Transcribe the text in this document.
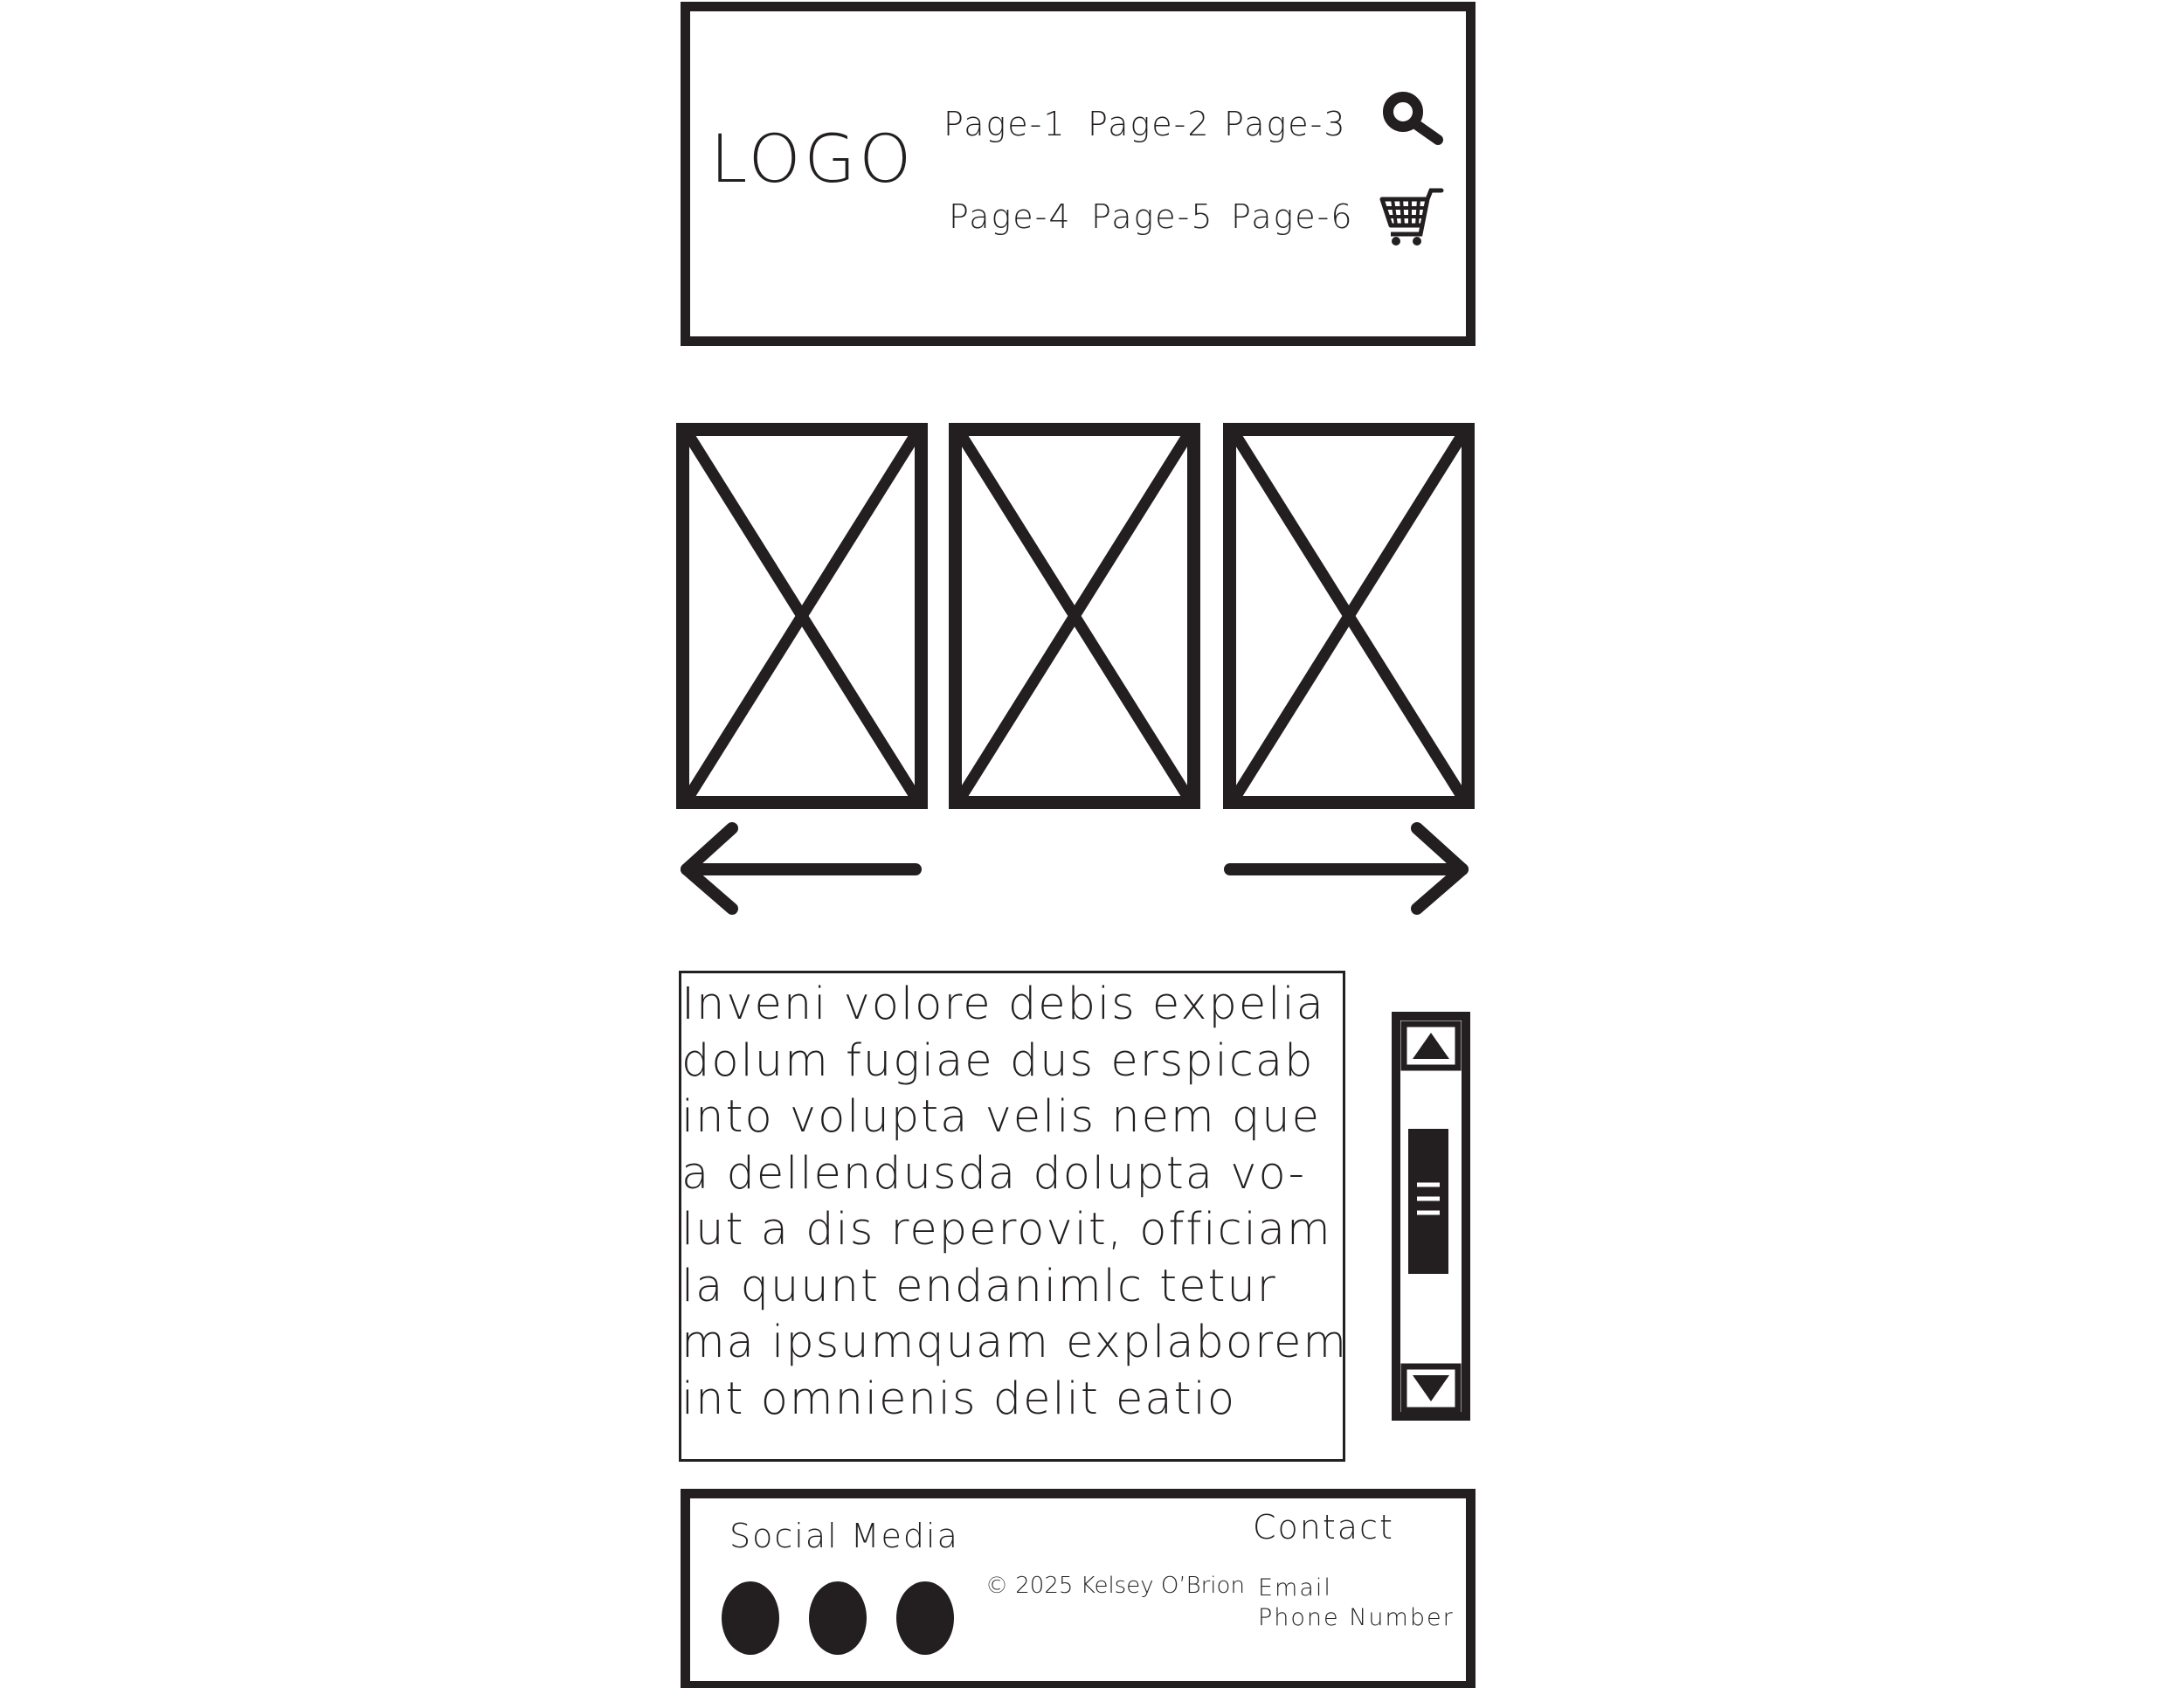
LOGO Page-1 Page-2 Page-3
Page-4 Page-5 Page-6
Inveni volore debis expelia
dolum fugiae dus erspicab
into volupta velis nem que
a dellendusda dolupta vo-
lut a dis reperovit, officiam
la quunt endanimlc tetur
ma ipsumquam explaborem
int omnienis delit eatio
Social Media
© 2025 Kelsey O’Brion
Contact
Email
Phone Number
